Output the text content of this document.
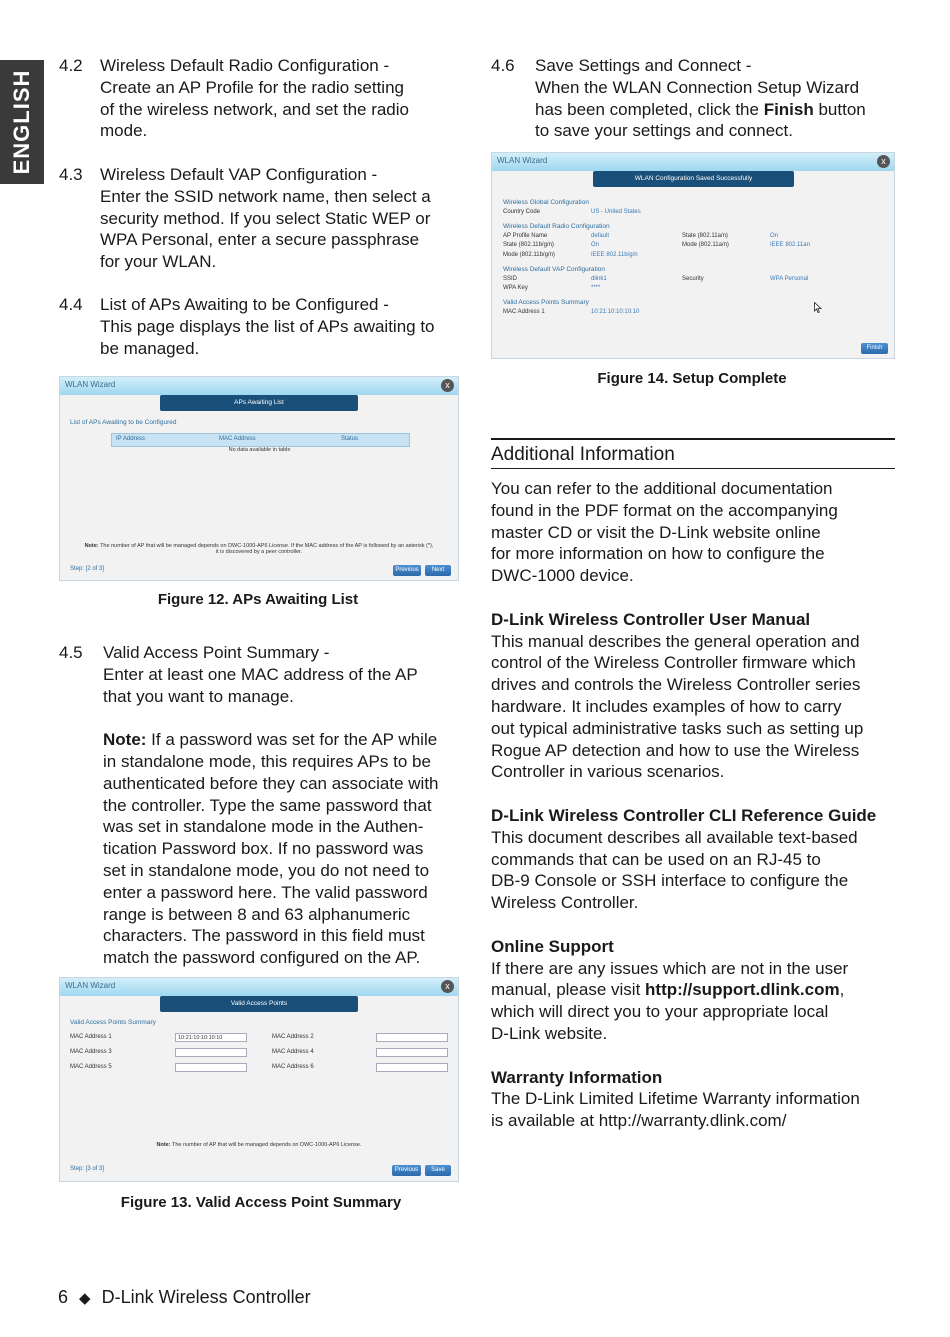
ENGLISH
4.2 Wireless Default Radio Configuration -

Create an AP Profile for the radio setting

of the wireless network, and set the radio

mode.

4.3 Wireless Default VAP Configuration -

Enter the SSID network name, then select a

security method. If you select Static WEP or

WPA Personal, enter a secure passphrase

for your WLAN.

4.4 List of APs Awaiting to be Configured -

This page displays the list of APs awaiting to

be managed.

WLAN Wizard	x
APs Awaiting List
List of APs Awaiting to be Configured
IP Address	MAC Address	Status
No data available in table
Note: The number of AP that will be managed depends on DWC-1000-AP6 License. If the MAC address of the AP is followed by an asterisk (*),
it is discovered by a peer controller.
Step: [2 of 3]	Previous	Next
Figure 12. APs Awaiting List
4.5 Valid Access Point Summary -

Enter at least one MAC address of the AP

that you want to manage.

Note: If a password was set for the AP while

in standalone mode, this requires APs to be

authenticated before they can associate with

the controller. Type the same password that

was set in standalone mode in the Authen-

tication Password box. If no password was

set in standalone mode, you do not need to

enter a password here. The valid password

range is between 8 and 63 alphanumeric

characters. The password in this field must

match the password configured on the AP.

WLAN Wizard	x
Valid Access Points
Valid Access Points Summary
MAC Address 1	10:21:10:10:10:10	MAC Address 2
MAC Address 3	MAC Address 4
MAC Address 5	MAC Address 6
Note: The number of AP that will be managed depends on DWC-1000-AP6 License.
Step: [3 of 3]	Previous	Save
Figure 13. Valid Access Point Summary
4.6 Save Settings and Connect -

When the WLAN Connection Setup Wizard

has been completed, click the Finish button

to save your settings and connect.

WLAN Wizard	x
WLAN Configuration Saved Successfully
Wireless Global Configuration
Country Code	US - United States
Wireless Default Radio Configuration
AP Profile Name	default	State (802.11a/n)	On
State (802.11b/g/n)	On	Mode (802.11a/n)	IEEE 802.11an
Mode (802.11b/g/n)	IEEE 802.11b/g/n
Wireless Default VAP Configuration
SSID	dlink1	Security	WPA Personal
WPA Key	****
Valid Access Points Summary
MAC Address 1	10:21:10:10:10:10
Finish
Figure 14. Setup Complete
Additional Information

You can refer to the additional documentation

found in the PDF format on the accompanying

master CD or visit the D-Link website online

for more information on how to configure the

DWC-1000 device.

D-Link Wireless Controller User Manual

This manual describes the general operation and

control of the Wireless Controller firmware which

drives and controls the Wireless Controller series

hardware. It includes examples of how to carry

out typical administrative tasks such as setting up

Rogue AP detection and how to use the Wireless

Controller in various scenarios.

D-Link Wireless Controller CLI Reference Guide

This document describes all available text-based

commands that can be used on an RJ-45 to

DB-9 Console or SSH interface to configure the

Wireless Controller.

Online Support

If there are any issues which are not in the user

manual, please visit http://support.dlink.com,

which will direct you to your appropriate local

D-Link website.

Warranty Information

The D-Link Limited Lifetime Warranty information

is available at http://warranty.dlink.com/

6 ◆ D-Link Wireless Controller
